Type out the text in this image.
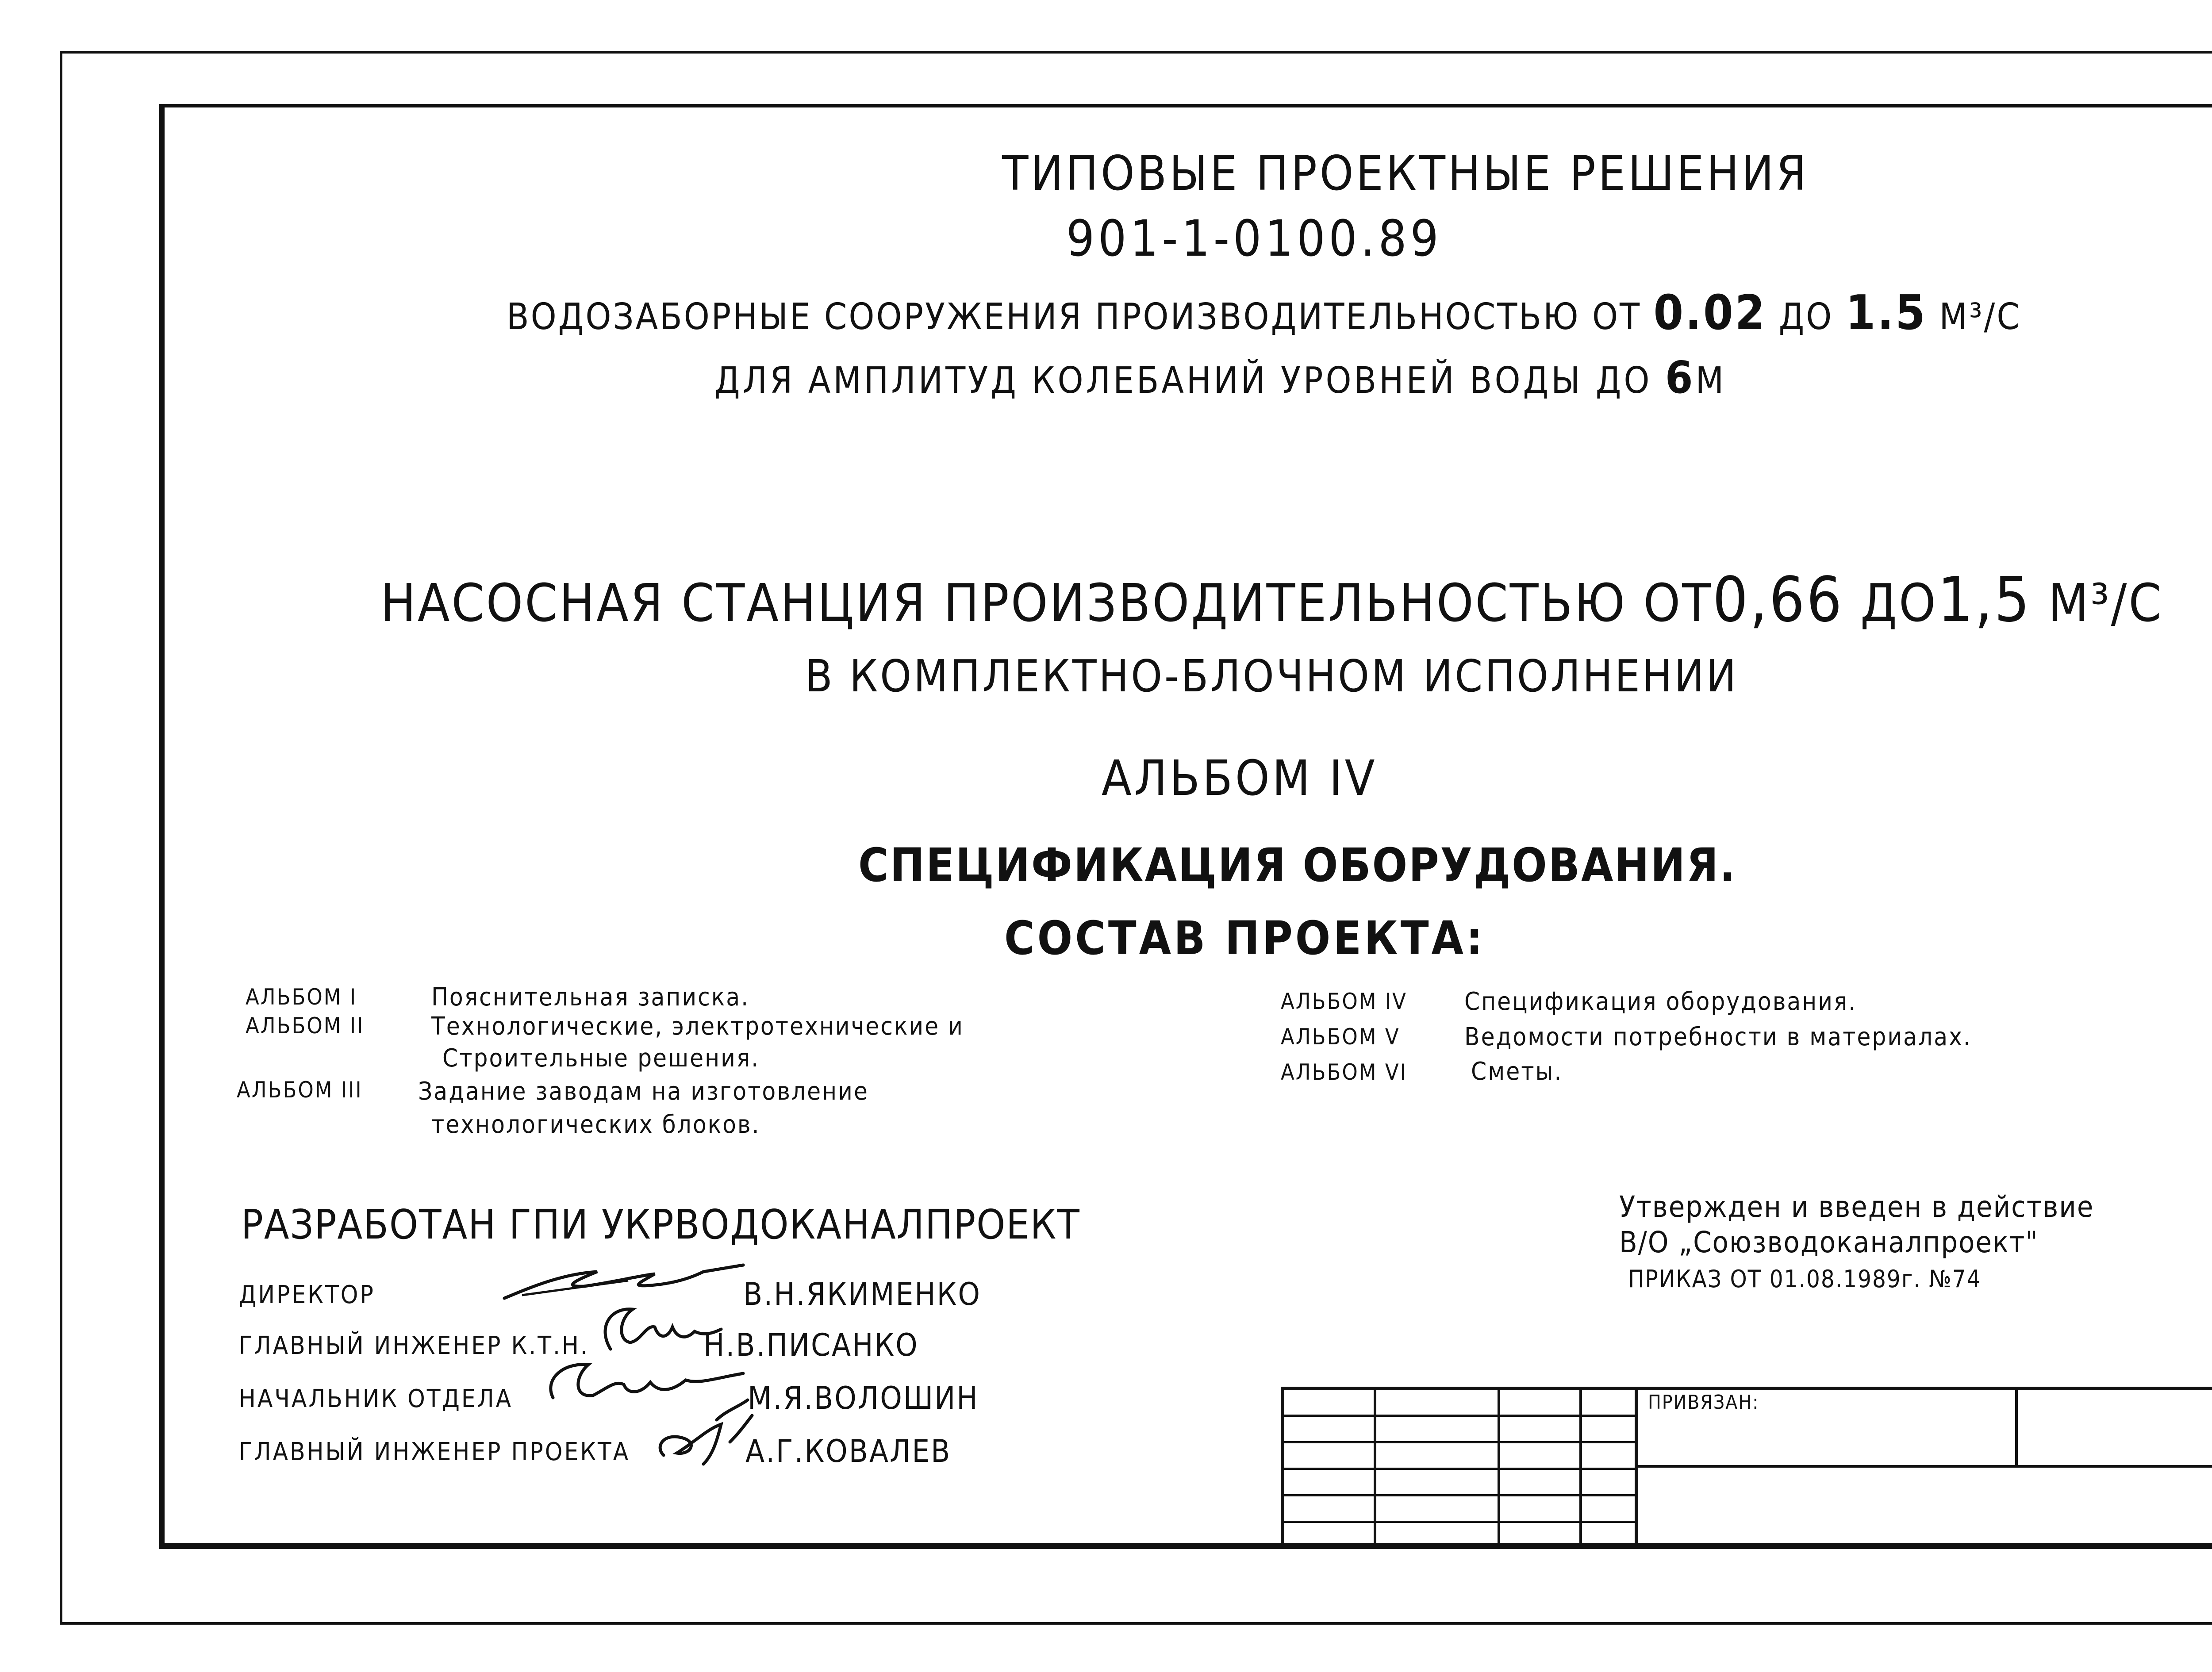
ТИПОВЫЕ ПРОЕКТНЫЕ РЕШЕНИЯ
901-1-0100.89
ВОДОЗАБОРНЫЕ СООРУЖЕНИЯ ПРОИЗВОДИТЕЛЬНОСТЬЮ ОТ 0.02 ДО 1.5 М³/С
ДЛЯ АМПЛИТУД КОЛЕБАНИЙ УРОВНЕЙ ВОДЫ ДО 6М
НАСОСНАЯ СТАНЦИЯ ПРОИЗВОДИТЕЛЬНОСТЬЮ ОТ0,66 ДО1,5 М³/С
В КОМПЛЕКТНО-БЛОЧНОМ ИСПОЛНЕНИИ
АЛЬБОМ IV
СПЕЦИФИКАЦИЯ ОБОРУДОВАНИЯ.
СОСТАВ ПРОЕКТА:
АЛЬБОМ I	Пояснительная записка.
АЛЬБОМ II	Технологические, электротехнические и
Строительные решения.
АЛЬБОМ III Задание заводам на изготовление
технологических блоков.
АЛЬБОМ IV Спецификация оборудования.
АЛЬБОМ V	Ведомости потребности в материалах.
АЛЬБОМ VI	Сметы.
РАЗРАБОТАН ГПИ УКРВОДОКАНАЛПРОЕКТ
ДИРЕКТОР	В.Н.ЯКИМЕНКО
ГЛАВНЫЙ ИНЖЕНЕР К.Т.Н.	Н.В.ПИСАНКО
НАЧАЛЬНИК ОТДЕЛА	М.Я.ВОЛОШИН
ГЛАВНЫЙ ИНЖЕНЕР ПРОЕКТА	А.Г.КОВАЛЕВ
Утвержден и введен в действие
В/О „Союзводоканалпроект"
ПРИКАЗ ОТ 01.08.1989г. №74
ПРИВЯЗАН:
